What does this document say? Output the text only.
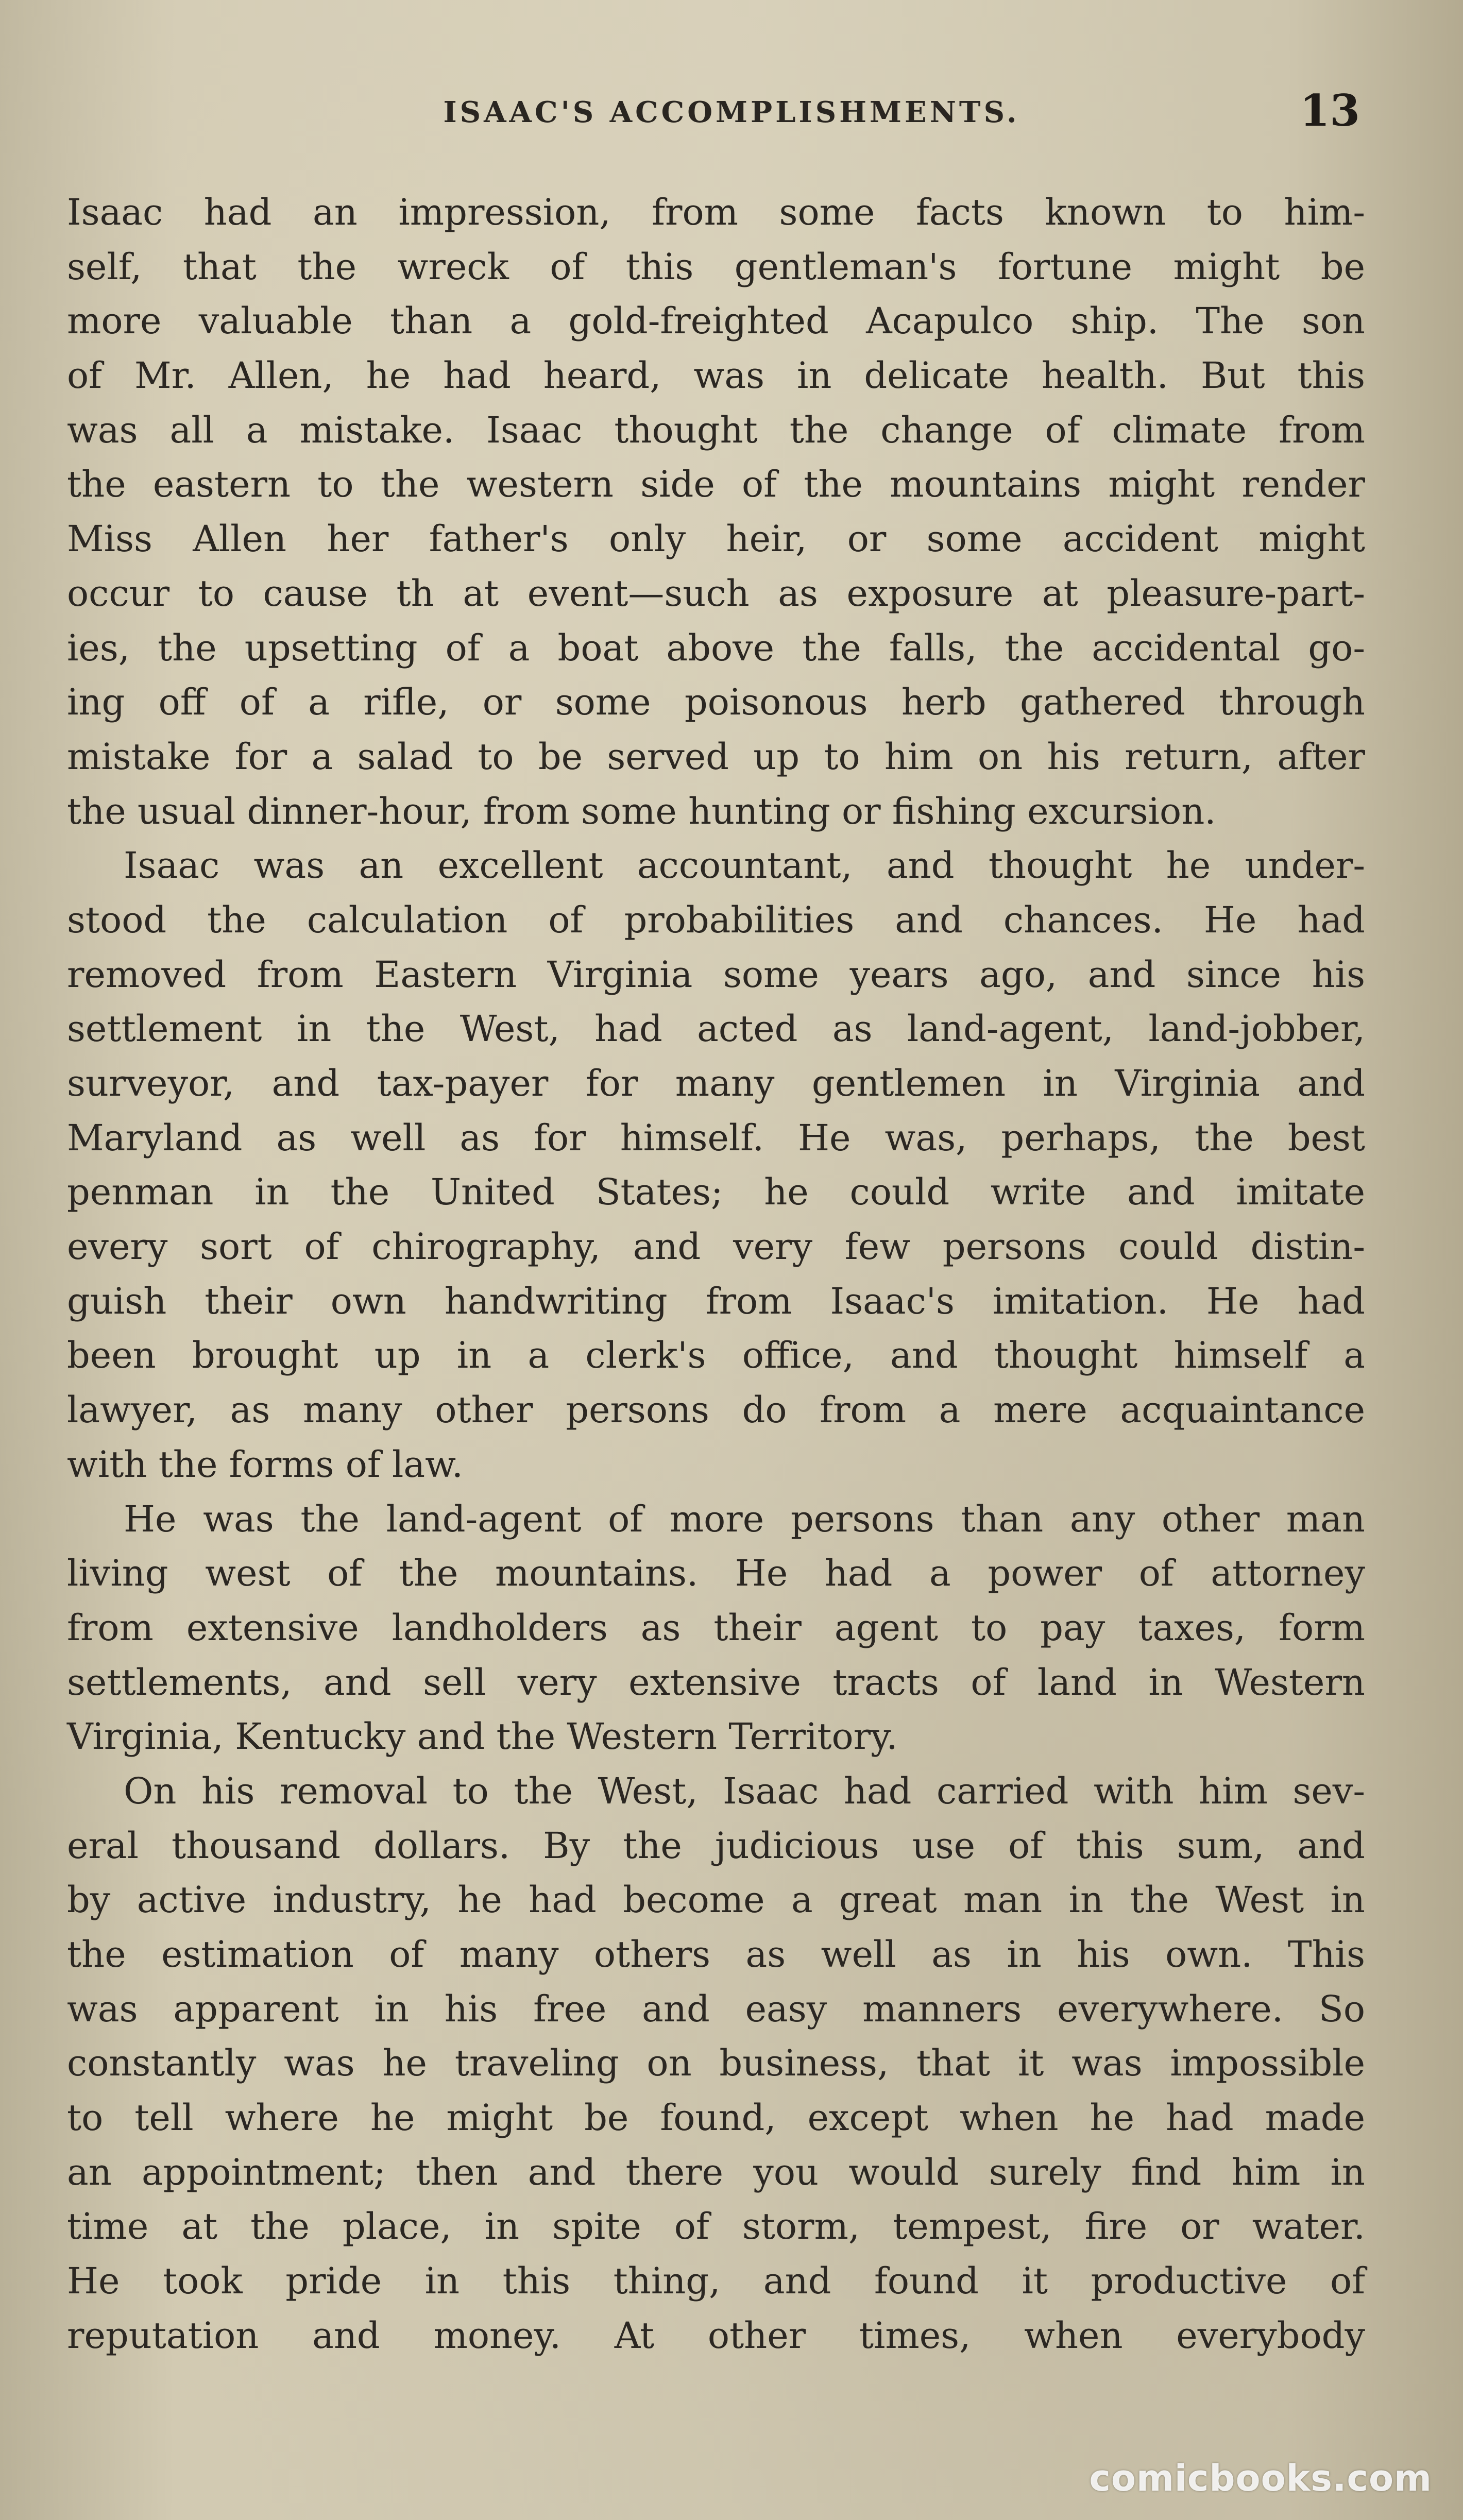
ISAAC'S ACCOMPLISHMENTS.	13
Isaac had an impression, from some facts known to him-
self, that the wreck of this gentleman's fortune might be
more valuable than a gold-freighted Acapulco ship. The son
of Mr. Allen, he had heard, was in delicate health. But this
was all a mistake. Isaac thought the change of climate from
the eastern to the western side of the mountains might render
Miss Allen her father's only heir, or some accident might
occur to cause th at event—such as exposure at pleasure-part-
ies, the upsetting of a boat above the falls, the accidental go-
ing off of a rifle, or some poisonous herb gathered through
mistake for a salad to be served up to him on his return, after
the usual dinner-hour, from some hunting or fishing excursion.
Isaac was an excellent accountant, and thought he under-
stood the calculation of probabilities and chances. He had
removed from Eastern Virginia some years ago, and since his
settlement in the West, had acted as land-agent, land-jobber,
surveyor, and tax-payer for many gentlemen in Virginia and
Maryland as well as for himself. He was, perhaps, the best
penman in the United States; he could write and imitate
every sort of chirography, and very few persons could distin-
guish their own handwriting from Isaac's imitation. He had
been brought up in a clerk's office, and thought himself a
lawyer, as many other persons do from a mere acquaintance
with the forms of law.
He was the land-agent of more persons than any other man
living west of the mountains. He had a power of attorney
from extensive landholders as their agent to pay taxes, form
settlements, and sell very extensive tracts of land in Western
Virginia, Kentucky and the Western Territory.
On his removal to the West, Isaac had carried with him sev-
eral thousand dollars. By the judicious use of this sum, and
by active industry, he had become a great man in the West in
the estimation of many others as well as in his own. This
was apparent in his free and easy manners everywhere. So
constantly was he traveling on business, that it was impossible
to tell where he might be found, except when he had made
an appointment; then and there you would surely find him in
time at the place, in spite of storm, tempest, fire or water.
He took pride in this thing, and found it productive of
reputation and money. At other times, when everybody
comicbooks.com
